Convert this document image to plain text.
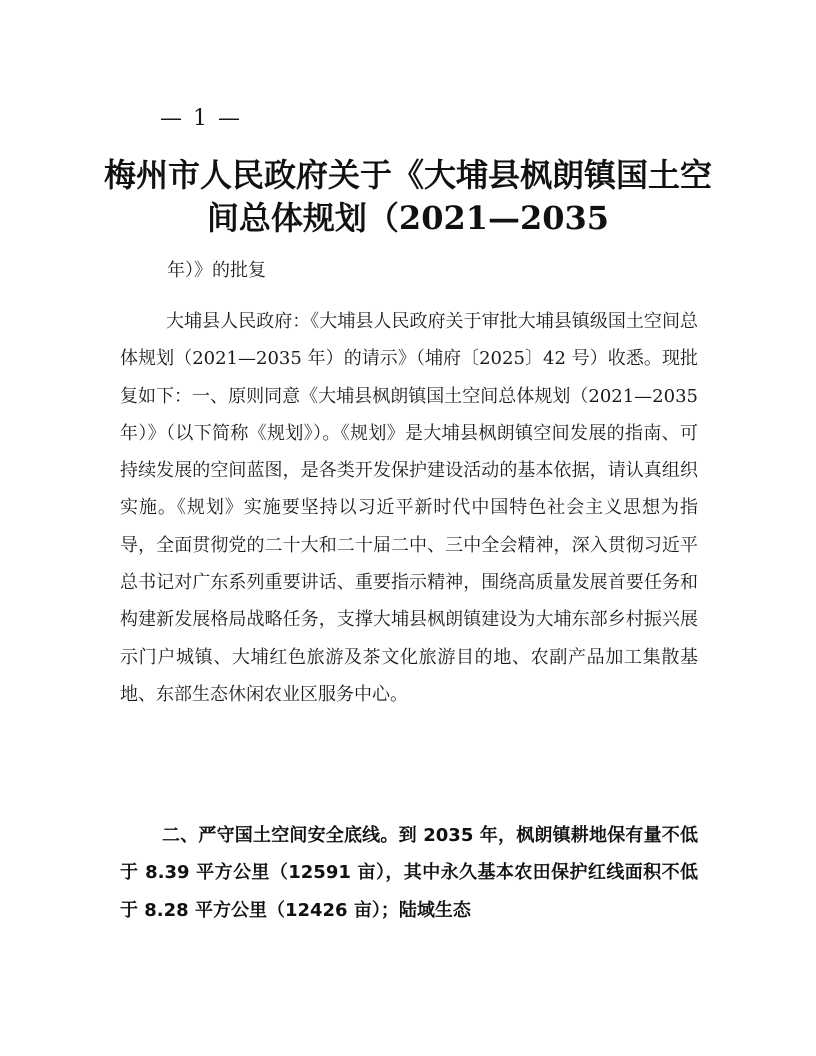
— 1 —
梅州市人民政府关于《大埔县枫朗镇国土空
间总体规划（2021—2035
年）》的批复

大埔县人民政府：《大埔县人民政府关于审批大埔县镇级国土空间总体规划（2021—2035 年）的请示》（埔府〔2025〕42 号）收悉。现批复如下：一、原则同意《大埔县枫朗镇国土空间总体规划（2021—2035 年）》（以下简称《规划》）。《规划》是大埔县枫朗镇空间发展的指南、可持续发展的空间蓝图，是各类开发保护建设活动的基本依据，请认真组织实施。《规划》实施要坚持以习近平新时代中国特色社会主义思想为指导，全面贯彻党的二十大和二十届二中、三中全会精神，深入贯彻习近平总书记对广东系列重要讲话、重要指示精神，围绕高质量发展首要任务和构建新发展格局战略任务，支撑大埔县枫朗镇建设为大埔东部乡村振兴展示门户城镇、大埔红色旅游及茶文化旅游目的地、农副产品加工集散基地、东部生态休闲农业区服务中心。

二、严守国土空间安全底线。到 2035 年，枫朗镇耕地保有量不低于 8.39 平方公里（12591 亩），其中永久基本农田保护红线面积不低于 8.28 平方公里（12426 亩）；陆域生态
